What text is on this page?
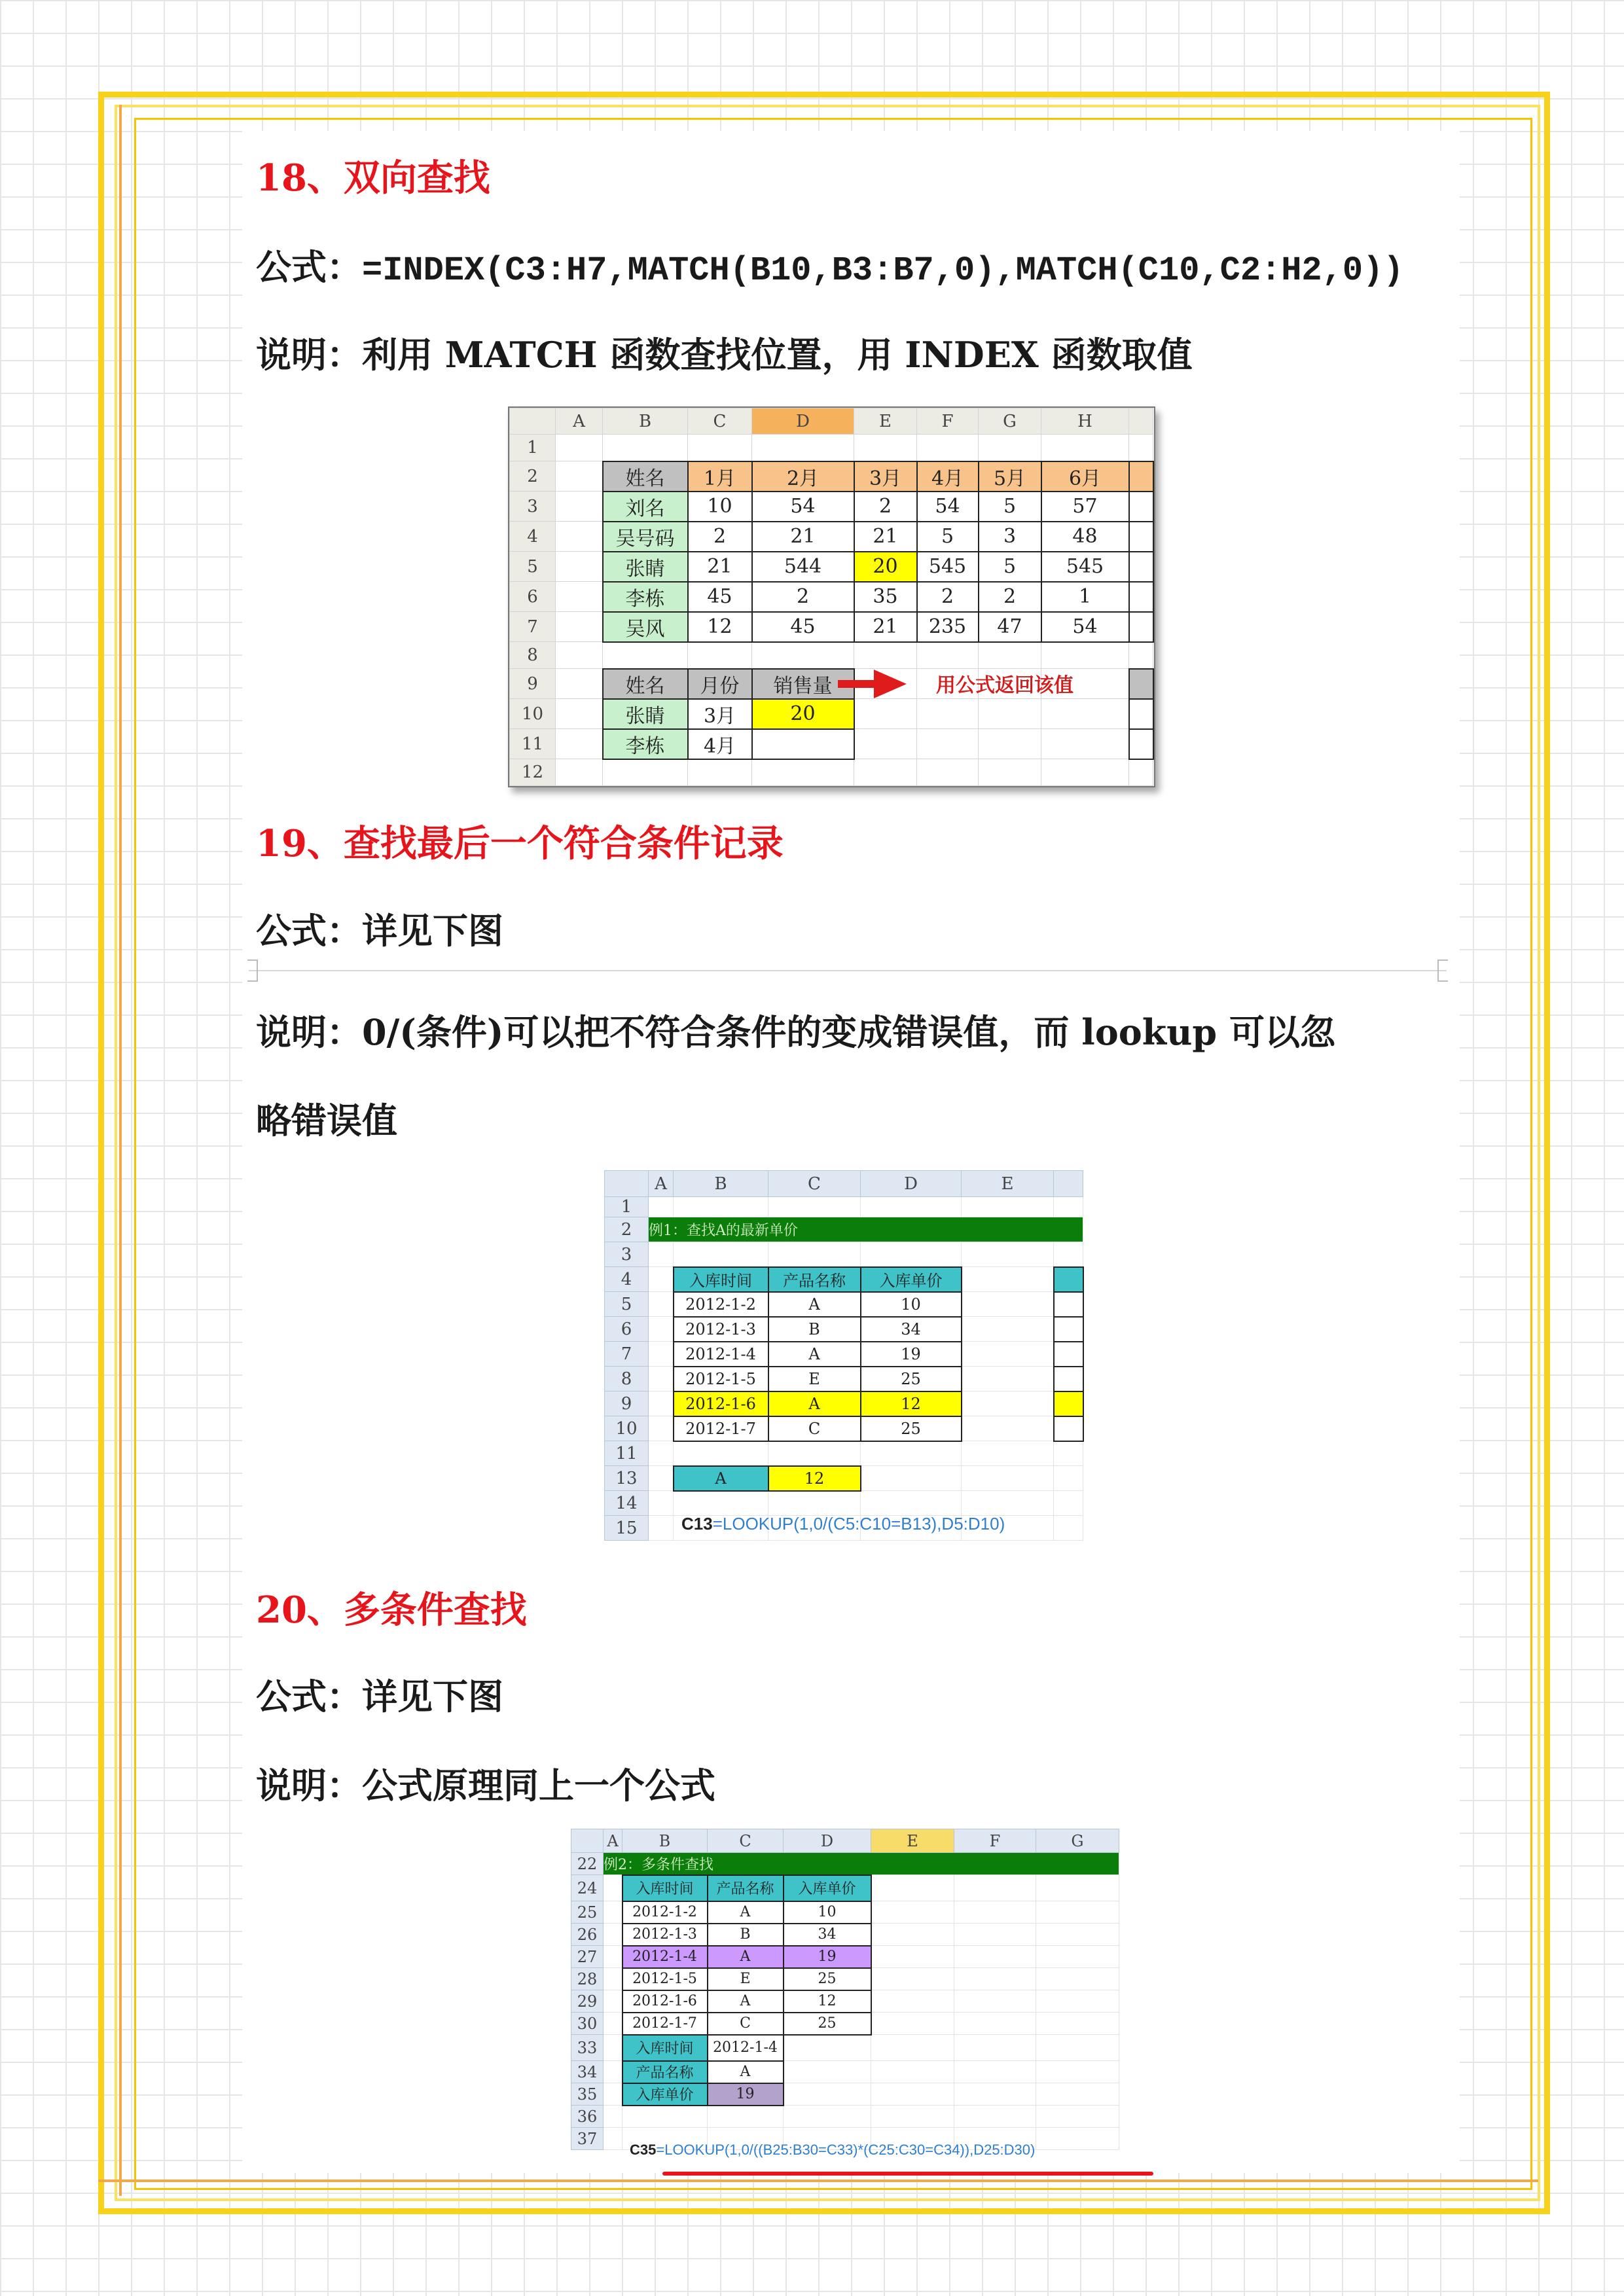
18、双向查找
公式：=INDEX(C3:H7,MATCH(B10,B3:B7,0),MATCH(C10,C2:H2,0))
说明：利用 MATCH 函数查找位置，用 INDEX 函数取值
	A	B	C	D	E	F	G	H	
1									
2		姓名	1月	2月	3月	4月	5月	6月	
3		刘名	10	54	2	54	5	57	
4		吴号码	2	21	21	5	3	48	
5		张睛	21	544	20	545	5	545	
6		李栋	45	2	35	2	2	1	
7		吴风	12	45	21	235	47	54	
8									
9		姓名	月份	销售量					
10		张睛	3月	20					
11		李栋	4月						
12									
用公式返回该值
19、查找最后一个符合条件记录
公式：详见下图
说明：0/(条件)可以把不符合条件的变成错误值，而 lookup 可以忽
略错误值
	A	B	C	D	E	
1						
2	例1：查找A的最新单价					
3						
4		入库时间	产品名称	入库单价		
5		2012-1-2	A	10		
6		2012-1-3	B	34		
7		2012-1-4	A	19		
8		2012-1-5	E	25		
9		2012-1-6	A	12		
10		2012-1-7	C	25		
11						
13		A	12			
14						
15							C13=LOOKUP(1,0/(C5:C10=B13),D5:D10)
20、多条件查找
公式：详见下图
说明：公式原理同上一个公式
	A	B	C	D	E	F	G
22	例2：多条件查找						
24		入库时间	产品名称	入库单价			
25		2012-1-2	A	10			
26		2012-1-3	B	34			
27		2012-1-4	A	19			
28		2012-1-5	E	25			
29		2012-1-6	A	12			
30		2012-1-7	C	25			
33		入库时间	2012-1-4				
34		产品名称	A				
35		入库单价	19				
36							
37							
C35=LOOKUP(1,0/((B25:B30=C33)*(C25:C30=C34)),D25:D30)
